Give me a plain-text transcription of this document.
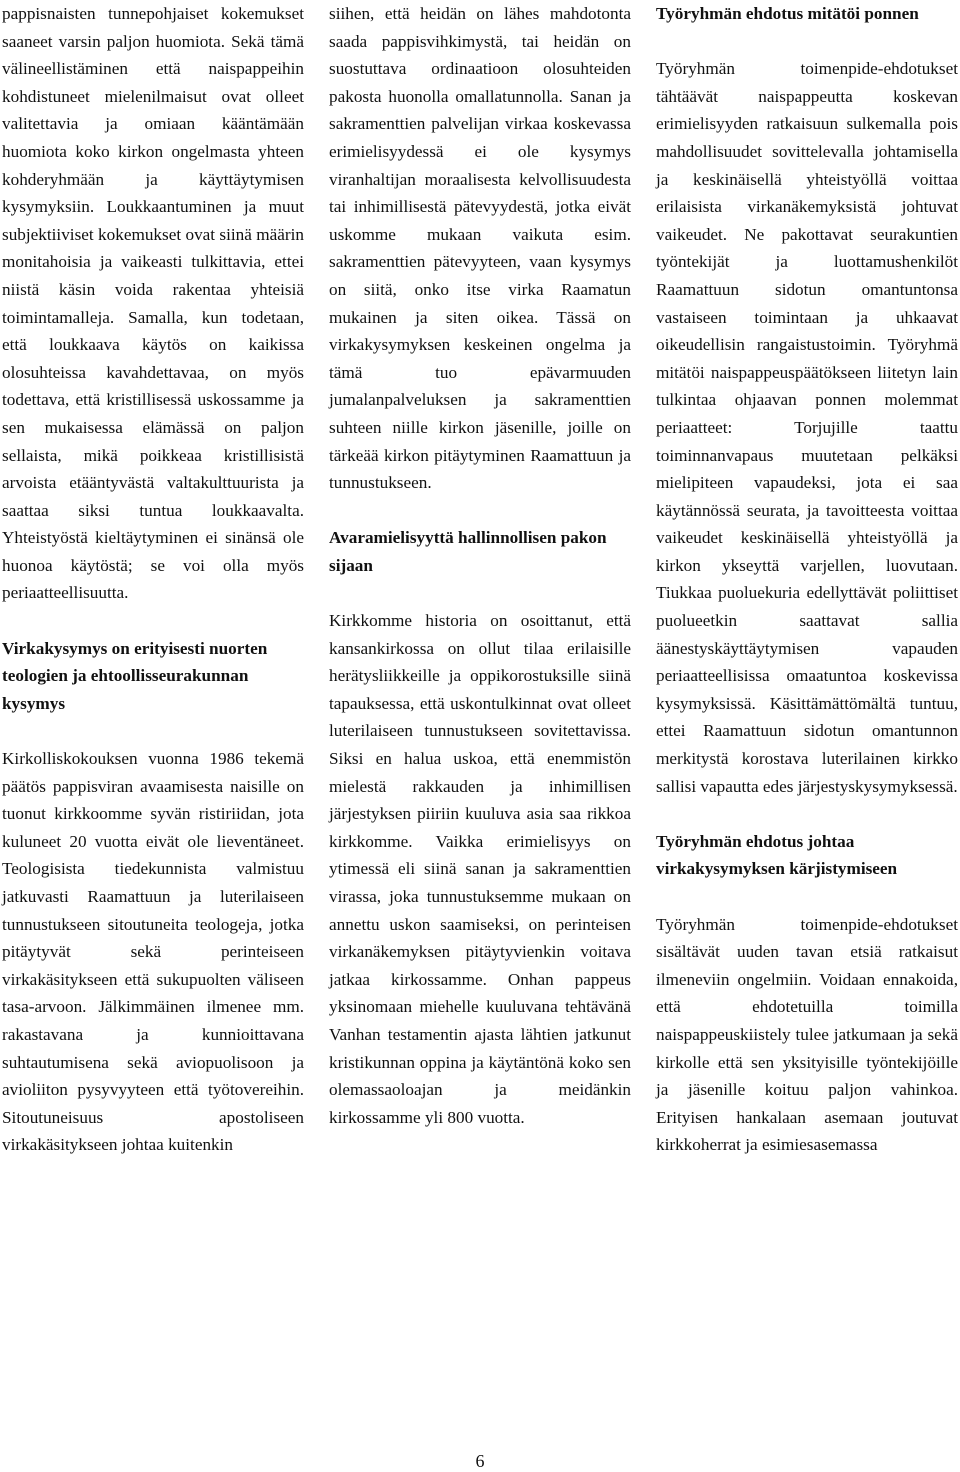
pappisnaisten tunnepohjaiset kokemukset saaneet varsin paljon huomiota. Sekä tämä välineellistäminen että naispappeihin kohdistuneet mielenilmaisut ovat olleet valitettavia ja omiaan kääntämään huomiota koko kirkon ongelmasta yhteen kohderyhmään ja käyttäytymisen kysymyksiin. Loukkaantuminen ja muut subjektiiviset kokemukset ovat siinä määrin monitahoisia ja vaikeasti tulkittavia, ettei niistä käsin voida rakentaa yhteisiä toimintamalleja. Samalla, kun todetaan, että loukkaava käytös on kaikissa olosuhteissa kavahdettavaa, on myös todettava, että kristillisessä uskossamme ja sen mukaisessa elämässä on paljon sellaista, mikä poikkeaa kristillisistä arvoista etääntyvästä valtakulttuurista ja saattaa siksi tuntua loukkaavalta. Yhteistyöstä kieltäytyminen ei sinänsä ole huonoa käytöstä; se voi olla myös periaatteellisuutta.

Virkakysymys on erityisesti nuorten teologien ja ehtoollisseurakunnan kysymys

Kirkolliskokouksen vuonna 1986 tekemä päätös pappisviran avaamisesta naisille on tuonut kirkkoomme syvän ristiriidan, jota kuluneet 20 vuotta eivät ole lieventäneet. Teologisista tiedekunnista valmistuu jatkuvasti Raamattuun ja luterilaiseen tunnustukseen sitoutuneita teologeja, jotka pitäytyvät sekä perinteiseen virkakäsitykseen että sukupuolten väliseen tasa-arvoon. Jälkimmäinen ilmenee mm. rakastavana ja kunnioittavana suhtautumisena sekä aviopuolisoon ja avioliiton pysyvyyteen että työtovereihin. Sitoutuneisuus apostoliseen virkakäsitykseen johtaa kuitenkin

siihen, että heidän on lähes mahdotonta saada pappisvihkimystä, tai heidän on suostuttava ordinaatioon olosuhteiden pakosta huonolla omallatunnolla. Sanan ja sakramenttien palvelijan virkaa koskevassa erimielisyydessä ei ole kysymys viranhaltijan moraalisesta kelvollisuudesta tai inhimillisestä pätevyydestä, jotka eivät uskomme mukaan vaikuta esim. sakramenttien pätevyyteen, vaan kysymys on siitä, onko itse virka Raamatun mukainen ja siten oikea. Tässä on virkakysymyksen keskeinen ongelma ja tämä tuo epävarmuuden jumalanpalveluksen ja sakramenttien suhteen niille kirkon jäsenille, joille on tärkeää kirkon pitäytyminen Raamattuun ja tunnustukseen.

Avaramielisyyttä hallinnollisen pakon sijaan

Kirkkomme historia on osoittanut, että kansankirkossa on ollut tilaa erilaisille herätysliikkeille ja oppikorostuksille siinä tapauksessa, että uskontulkinnat ovat olleet luterilaiseen tunnustukseen sovitettavissa. Siksi en halua uskoa, että enemmistön mielestä rakkauden ja inhimillisen järjestyksen piiriin kuuluva asia saa rikkoa kirkkomme. Vaikka erimielisyys on ytimessä eli siinä sanan ja sakramenttien virassa, joka tunnustuksemme mukaan on annettu uskon saamiseksi, on perinteisen virkanäkemyksen pitäytyvienkin voitava jatkaa kirkossamme. Onhan pappeus yksinomaan miehelle kuuluvana tehtävänä Vanhan testamentin ajasta lähtien jatkunut kristikunnan oppina ja käytäntönä koko sen olemassaoloajan ja meidänkin kirkossamme yli 800 vuotta.

Työryhmän ehdotus mitätöi ponnen

Työryhmän toimenpide-ehdotukset tähtäävät naispappeutta koskevan erimielisyyden ratkaisuun sulkemalla pois mahdollisuudet sovittelevalla johtamisella ja keskinäisellä yhteistyöllä voittaa erilaisista virkanäkemyksistä johtuvat vaikeudet. Ne pakottavat seurakuntien työntekijät ja luottamushenkilöt Raamattuun sidotun omantuntonsa vastaiseen toimintaan ja uhkaavat oikeudellisin rangaistustoimin. Työryhmä mitätöi naispappeuspäätökseen liitetyn lain tulkintaa ohjaavan ponnen molemmat periaatteet: Torjujille taattu toiminnanvapaus muutetaan pelkäksi mielipiteen vapaudeksi, jota ei saa käytännössä seurata, ja tavoitteesta voittaa vaikeudet keskinäisellä yhteistyöllä ja kirkon ykseyttä varjellen, luovutaan. Tiukkaa puoluekuria edellyttävät poliittiset puolueetkin saattavat sallia äänestyskäyttäytymisen vapauden periaatteellisissa omaatuntoa koskevissa kysymyksissä. Käsittämättömältä tuntuu, ettei Raamattuun sidotun omantunnon merkitystä korostava luterilainen kirkko sallisi vapautta edes järjestyskysymyksessä.

Työryhmän ehdotus johtaa virkakysymyksen kärjistymiseen

Työryhmän toimenpide-ehdotukset sisältävät uuden tavan etsiä ratkaisut ilmeneviin ongelmiin. Voidaan ennakoida, että ehdotetuilla toimilla naispappeuskiistely tulee jatkumaan ja sekä kirkolle että sen yksityisille työntekijöille ja jäsenille koituu paljon vahinkoa. Erityisen hankalaan asemaan joutuvat kirkkoherrat ja esimiesasemassa

6
